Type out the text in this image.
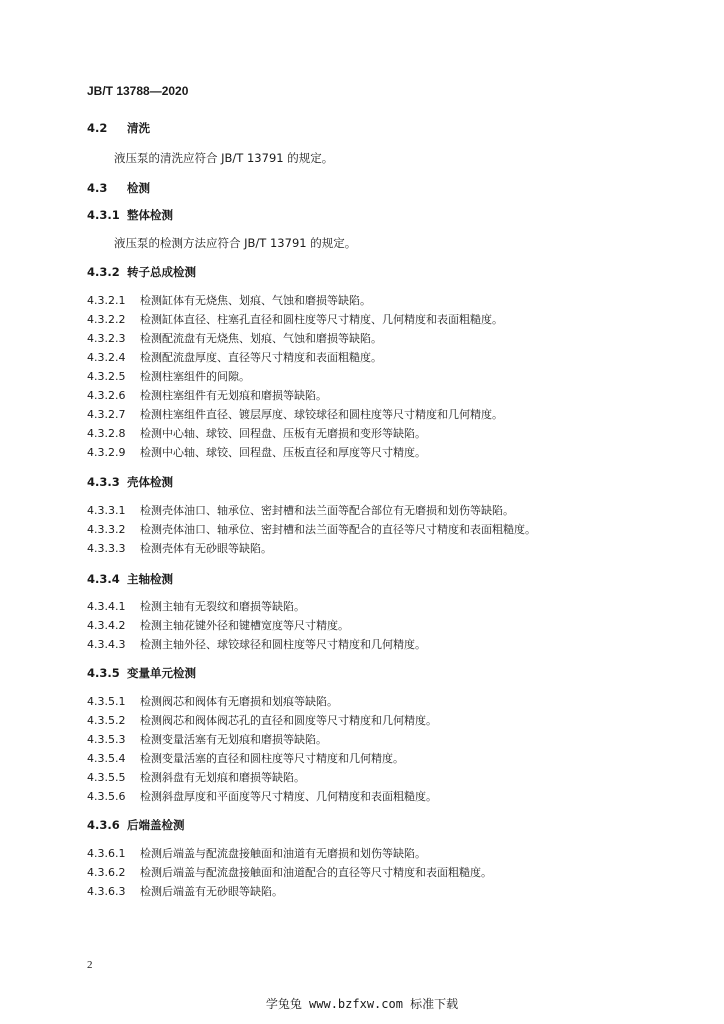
JB/T 13788—2020
4.2 清洗
液压泵的清洗应符合 JB/T 13791 的规定。
4.3 检测
4.3.1 整体检测
液压泵的检测方法应符合 JB/T 13791 的规定。
4.3.2 转子总成检测
4.3.2.1 检测缸体有无烧焦、划痕、气蚀和磨损等缺陷。
4.3.2.2 检测缸体直径、柱塞孔直径和圆柱度等尺寸精度、几何精度和表面粗糙度。
4.3.2.3 检测配流盘有无烧焦、划痕、气蚀和磨损等缺陷。
4.3.2.4 检测配流盘厚度、直径等尺寸精度和表面粗糙度。
4.3.2.5 检测柱塞组件的间隙。
4.3.2.6 检测柱塞组件有无划痕和磨损等缺陷。
4.3.2.7 检测柱塞组件直径、镀层厚度、球铰球径和圆柱度等尺寸精度和几何精度。
4.3.2.8 检测中心轴、球铰、回程盘、压板有无磨损和变形等缺陷。
4.3.2.9 检测中心轴、球铰、回程盘、压板直径和厚度等尺寸精度。
4.3.3 壳体检测
4.3.3.1 检测壳体油口、轴承位、密封槽和法兰面等配合部位有无磨损和划伤等缺陷。
4.3.3.2 检测壳体油口、轴承位、密封槽和法兰面等配合的直径等尺寸精度和表面粗糙度。
4.3.3.3 检测壳体有无砂眼等缺陷。
4.3.4 主轴检测
4.3.4.1 检测主轴有无裂纹和磨损等缺陷。
4.3.4.2 检测主轴花键外径和键槽宽度等尺寸精度。
4.3.4.3 检测主轴外径、球铰球径和圆柱度等尺寸精度和几何精度。
4.3.5 变量单元检测
4.3.5.1 检测阀芯和阀体有无磨损和划痕等缺陷。
4.3.5.2 检测阀芯和阀体阀芯孔的直径和圆度等尺寸精度和几何精度。
4.3.5.3 检测变量活塞有无划痕和磨损等缺陷。
4.3.5.4 检测变量活塞的直径和圆柱度等尺寸精度和几何精度。
4.3.5.5 检测斜盘有无划痕和磨损等缺陷。
4.3.5.6 检测斜盘厚度和平面度等尺寸精度、几何精度和表面粗糙度。
4.3.6 后端盖检测
4.3.6.1 检测后端盖与配流盘接触面和油道有无磨损和划伤等缺陷。
4.3.6.2 检测后端盖与配流盘接触面和油道配合的直径等尺寸精度和表面粗糙度。
4.3.6.3 检测后端盖有无砂眼等缺陷。
2
学兔兔 www.bzfxw.com 标准下载
